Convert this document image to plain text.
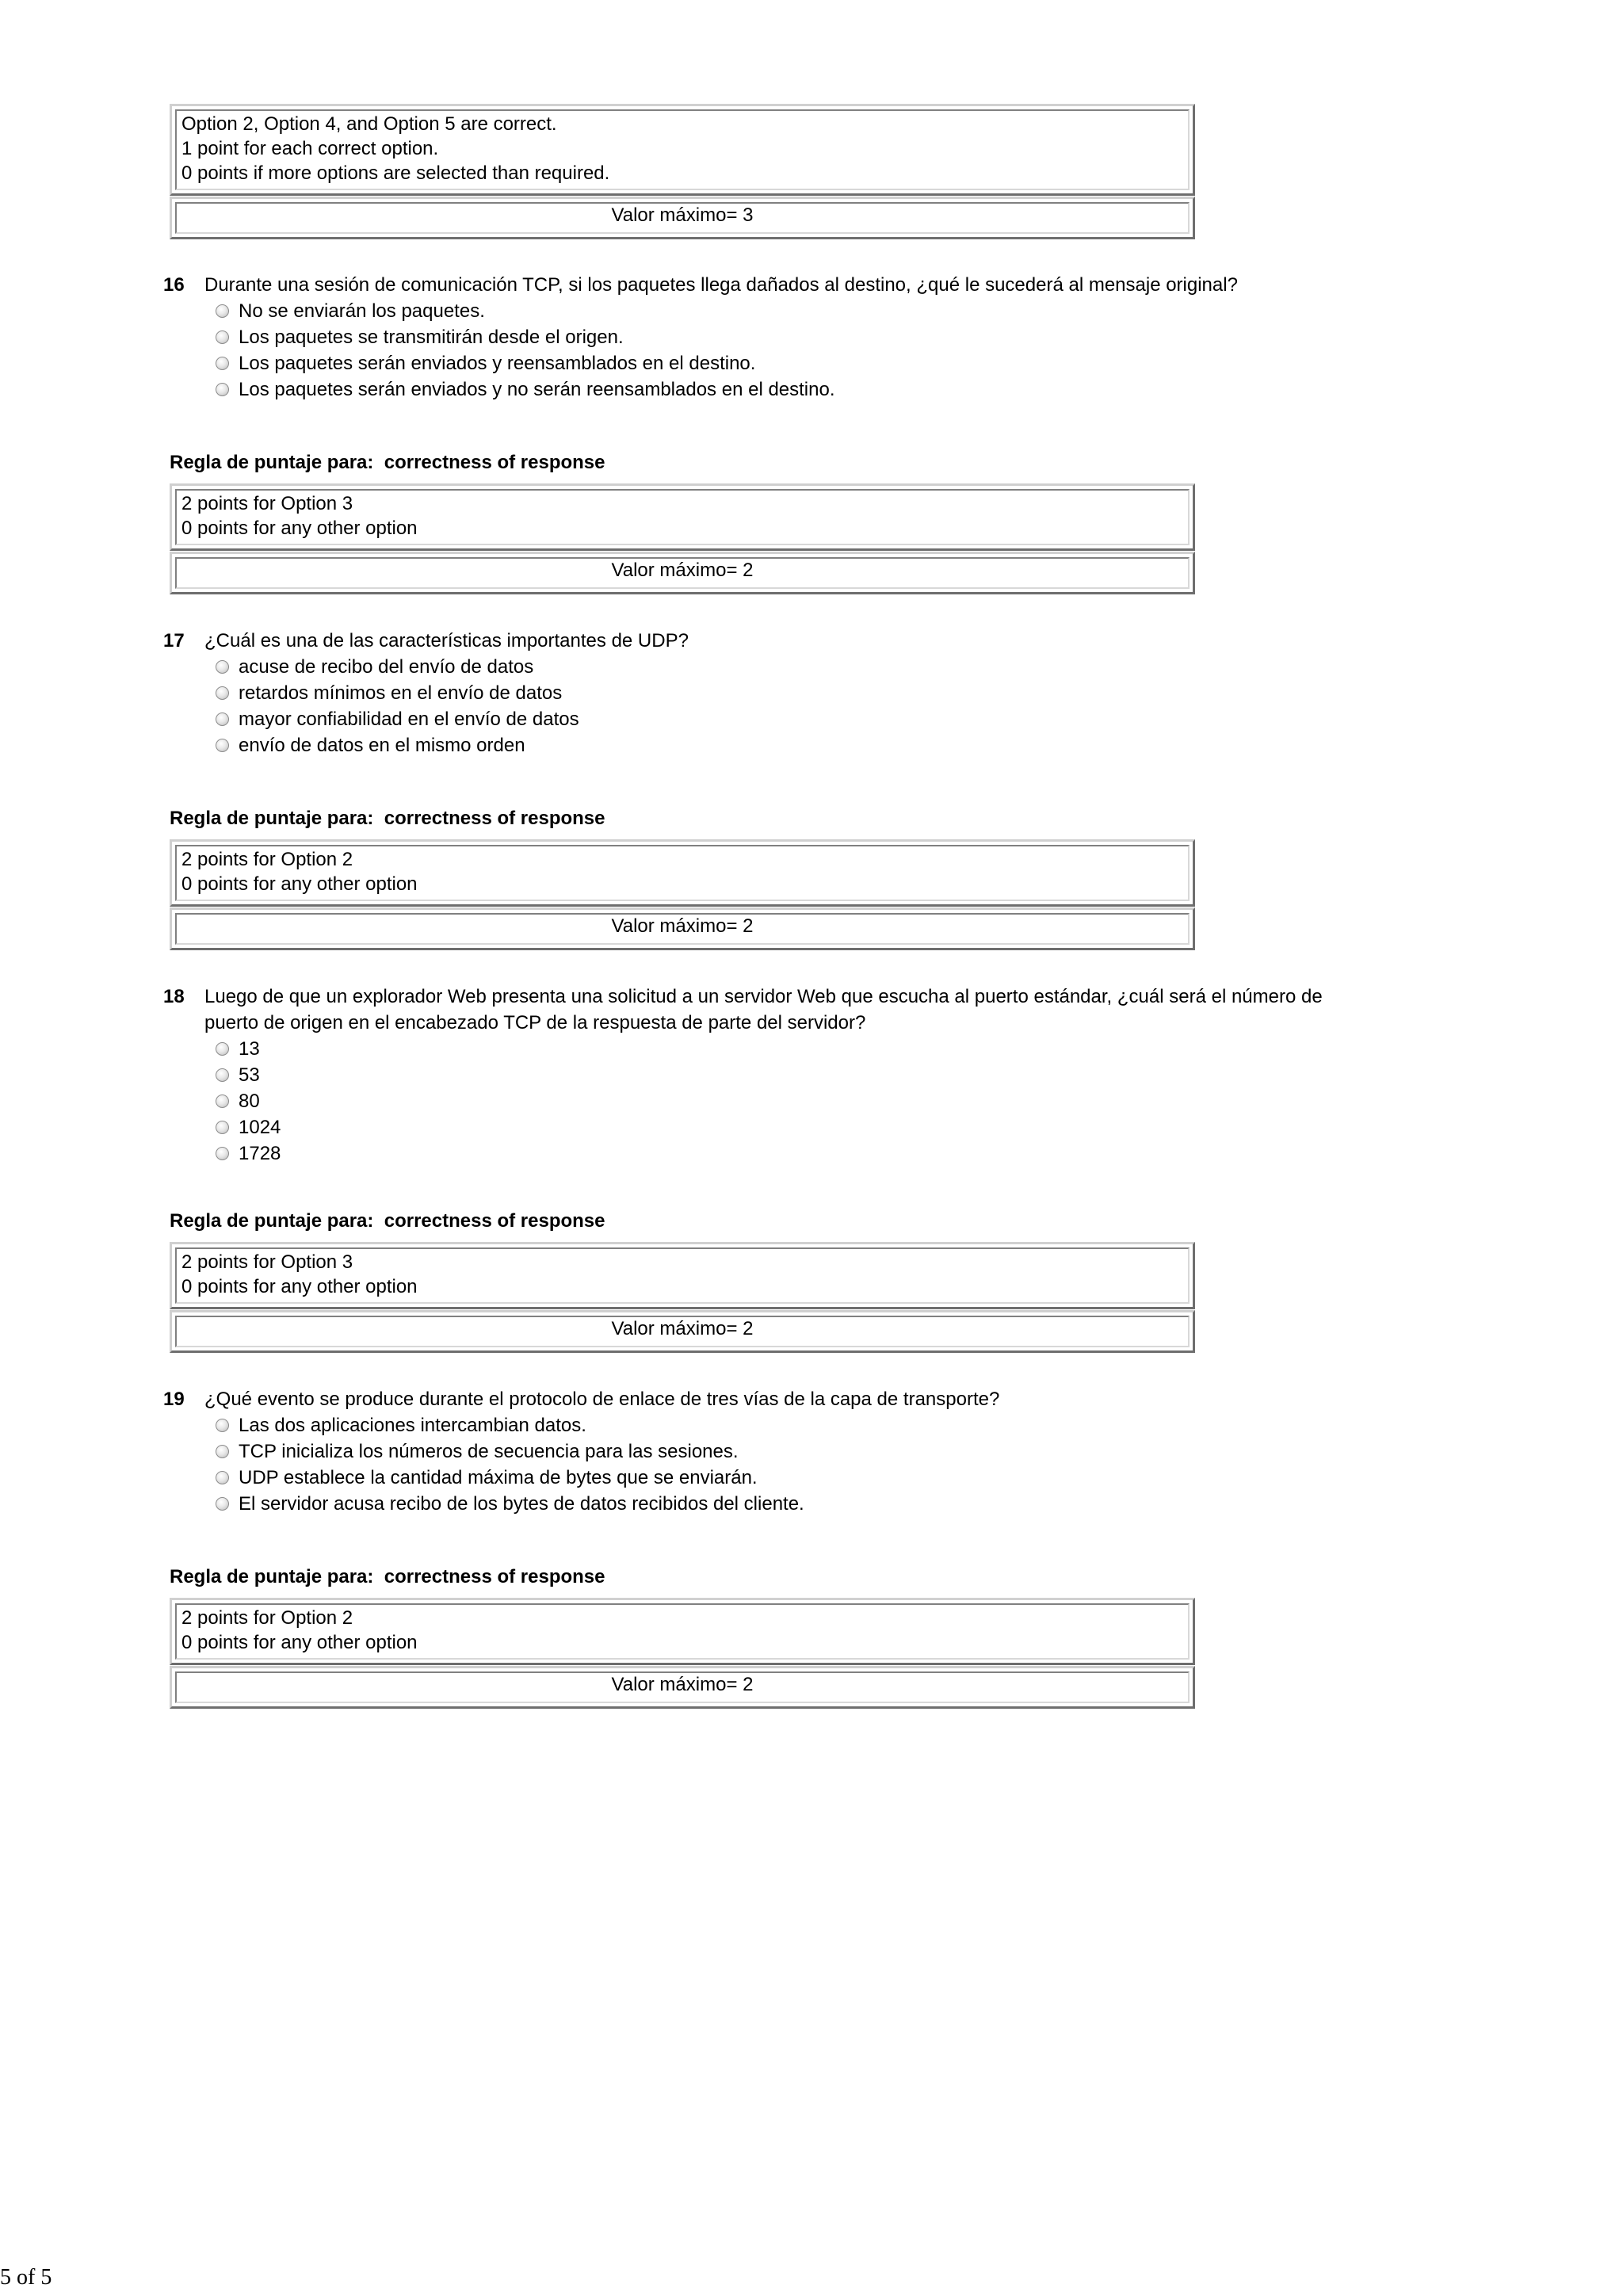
Option 2, Option 4, and Option 5 are correct.
1 point for each correct option.
0 points if more options are selected than required.
Valor máximo= 3
16 Durante una sesión de comunicación TCP, si los paquetes llega dañados al destino, ¿qué le sucederá al mensaje original?
No se enviarán los paquetes.
Los paquetes se transmitirán desde el origen.
Los paquetes serán enviados y reensamblados en el destino.
Los paquetes serán enviados y no serán reensamblados en el destino.
Regla de puntaje para:  correctness of response
2 points for Option 3
0 points for any other option
Valor máximo= 2
17 ¿Cuál es una de las características importantes de UDP?
acuse de recibo del envío de datos
retardos mínimos en el envío de datos
mayor confiabilidad en el envío de datos
envío de datos en el mismo orden
Regla de puntaje para:  correctness of response
2 points for Option 2
0 points for any other option
Valor máximo= 2
18 Luego de que un explorador Web presenta una solicitud a un servidor Web que escucha al puerto estándar, ¿cuál será el número de
puerto de origen en el encabezado TCP de la respuesta de parte del servidor?
13
53
80
1024
1728
Regla de puntaje para:  correctness of response
2 points for Option 3
0 points for any other option
Valor máximo= 2
19 ¿Qué evento se produce durante el protocolo de enlace de tres vías de la capa de transporte?
Las dos aplicaciones intercambian datos.
TCP inicializa los números de secuencia para las sesiones.
UDP establece la cantidad máxima de bytes que se enviarán.
El servidor acusa recibo de los bytes de datos recibidos del cliente.
Regla de puntaje para:  correctness of response
2 points for Option 2
0 points for any other option
Valor máximo= 2
5 of 5
